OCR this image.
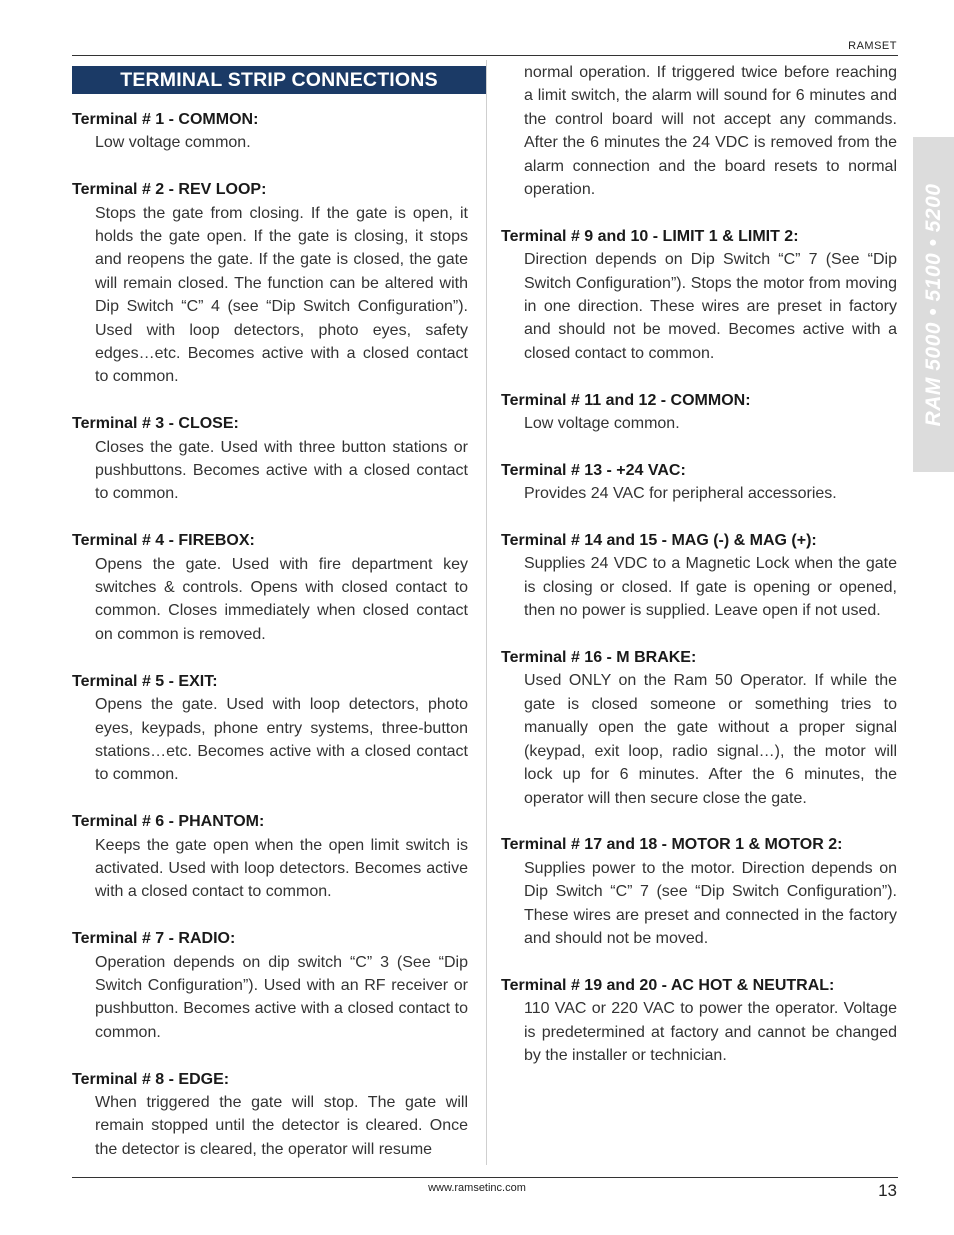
RAMSET
TERMINAL STRIP CONNECTIONS
Terminal # 1 - COMMON:

Low voltage common.

Terminal # 2 - REV LOOP:

Stops the gate from closing. If the gate is open, it holds the gate open. If the gate is closing, it stops and reopens the gate. If the gate is closed, the gate will remain closed. The function can be altered with Dip Switch “C” 4 (see “Dip Switch Configuration”). Used with loop detectors, photo eyes, safety edges…etc. Becomes active with a closed contact to common.

Terminal # 3 - CLOSE:

Closes the gate. Used with three button stations or pushbuttons. Becomes active with a closed contact to common.

Terminal # 4 - FIREBOX:

Opens the gate. Used with fire department key switches & controls. Opens with closed contact to common. Closes immediately when closed contact on common is removed.

Terminal # 5 - EXIT:

Opens the gate. Used with loop detectors, photo eyes, keypads, phone entry systems, three-button stations…etc. Becomes active with a closed contact to common.

Terminal # 6 - PHANTOM:

Keeps the gate open when the open limit switch is activated. Used with loop detectors. Becomes active with a closed contact to common.

Terminal # 7 - RADIO:

Operation depends on dip switch “C” 3 (See “Dip Switch Configuration”). Used with an RF receiver or pushbutton. Becomes active with a closed contact to common.

Terminal # 8 - EDGE:

When triggered the gate will stop. The gate will remain stopped until the detector is cleared. Once the detector is cleared, the operator will resume

normal operation. If triggered twice before reaching a limit switch, the alarm will sound for 6 minutes and the control board will not accept any commands. After the 6 minutes the 24 VDC is removed from the alarm connection and the board resets to normal operation.

Terminal # 9 and 10 - LIMIT 1 & LIMIT 2:

Direction depends on Dip Switch “C” 7 (See “Dip Switch Configuration”). Stops the motor from moving in one direction. These wires are preset in factory and should not be moved. Becomes active with a closed contact to common.

Terminal # 11 and 12 - COMMON:

Low voltage common.

Terminal # 13 - +24 VAC:

Provides 24 VAC for peripheral accessories.

Terminal # 14 and 15 - MAG (-) & MAG (+):

Supplies 24 VDC to a Magnetic Lock when the gate is closing or closed. If gate is opening or opened, then no power is supplied. Leave open if not used.

Terminal # 16 - M BRAKE:

Used ONLY on the Ram 50 Operator. If while the gate is closed someone or something tries to manually open the gate without a proper signal (keypad, exit loop, radio signal…), the motor will lock up for 6 minutes. After the 6 minutes, the operator will then secure close the gate.

Terminal # 17 and 18 - MOTOR 1 & MOTOR 2:

Supplies power to the motor. Direction depends on Dip Switch “C” 7 (see “Dip Switch Configuration”). These wires are preset and connected in the factory and should not be moved.

Terminal # 19 and 20 - AC HOT & NEUTRAL:

110 VAC or 220 VAC to power the operator. Voltage is predetermined at factory and cannot be changed by the installer or technician.

RAM 5000 • 5100 • 5200
www.ramsetinc.com	13
